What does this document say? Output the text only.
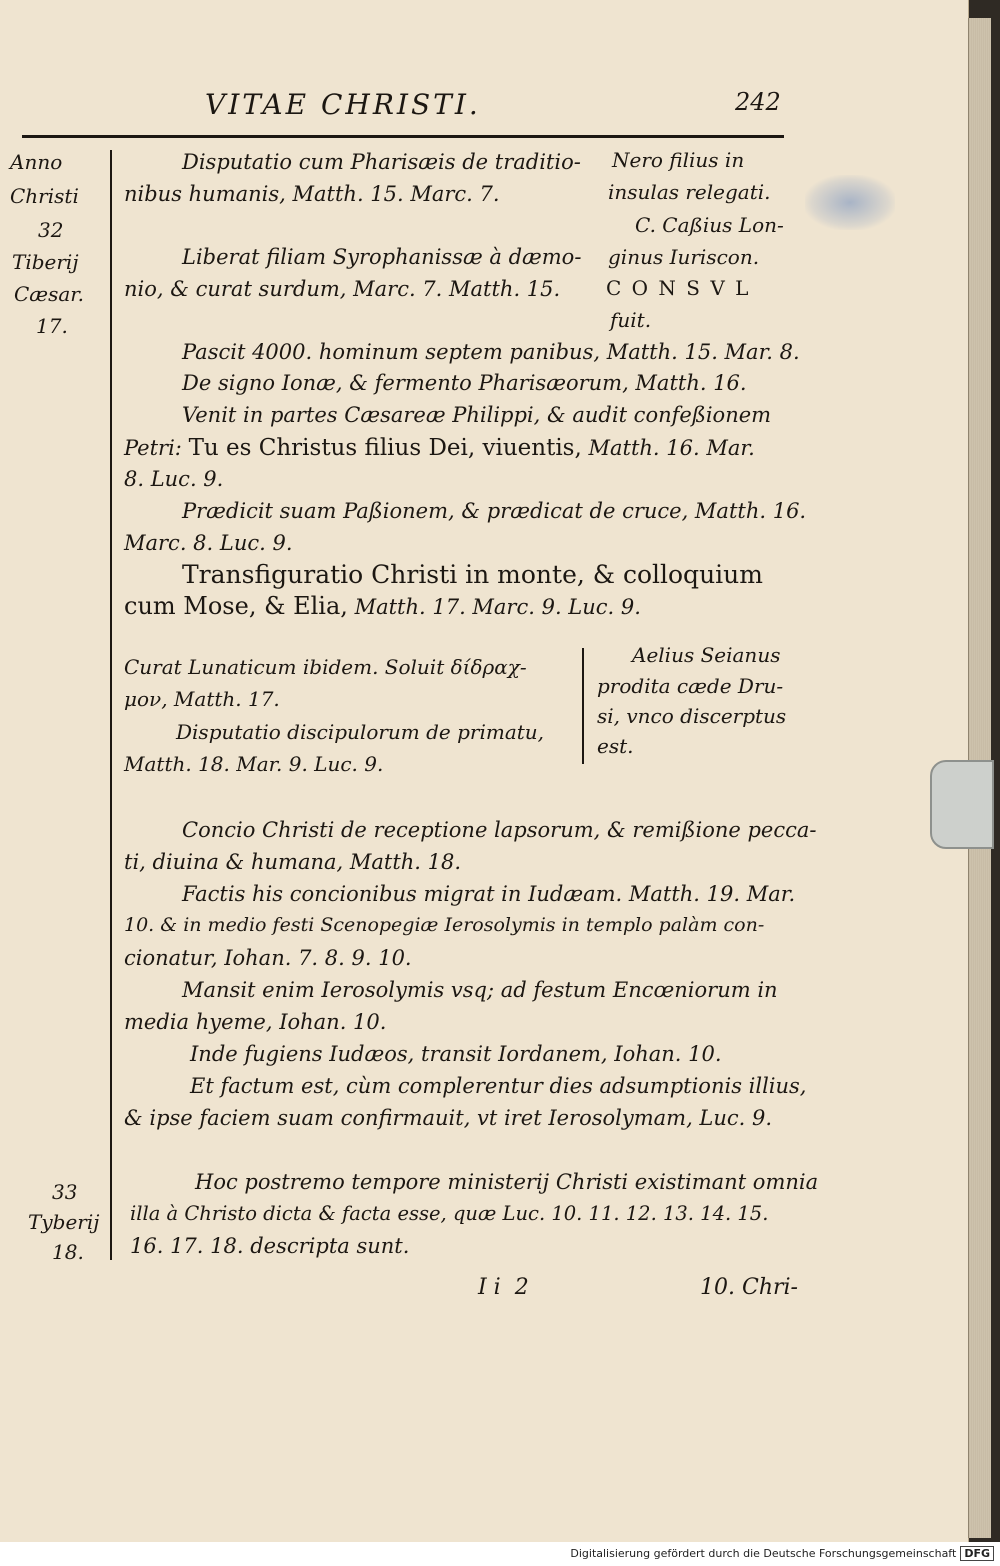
VITAE CHRISTI.	242
Anno
Christi
32
Tiberij
Cæsar.
17.
33
Tyberij
18.
Nero filius in
insulas relegati.
C. Caßius Lon-
ginus Iuriscon.
C O N S V L
fuit.
Aelius Seianus
prodita cæde Dru-
si, vnco discerptus
est.
Disputatio cum Pharisæis de traditio-
nibus humanis, Matth. 15. Marc. 7.
Liberat filiam Syrophanissæ à dæmo-
nio, & curat surdum, Marc. 7. Matth. 15.
Pascit 4000. hominum septem panibus, Matth. 15. Mar. 8.
De signo Ionæ, & fermento Pharisæorum, Matth. 16.
Venit in partes Cæsareæ Philippi, & audit confeßionem
Petri: Tu es Christus filius Dei, viuentis, Matth. 16. Mar.
8. Luc. 9.
Prædicit suam Paßionem, & prædicat de cruce, Matth. 16.
Marc. 8. Luc. 9.
Transfiguratio Christi in monte, & colloquium
cum Mose, & Elia, Matth. 17. Marc. 9. Luc. 9.
Curat Lunaticum ibidem. Soluit δίδραχ-
μον, Matth. 17.
Disputatio discipulorum de primatu,
Matth. 18. Mar. 9. Luc. 9.
Concio Christi de receptione lapsorum, & remißione pecca-
ti, diuina & humana, Matth. 18.
Factis his concionibus migrat in Iudæam. Matth. 19. Mar.
10. & in medio festi Scenopegiæ Ierosolymis in templo palàm con-
cionatur, Iohan. 7. 8. 9. 10.
Mansit enim Ierosolymis vsq; ad festum Encœniorum in
media hyeme, Iohan. 10.
Inde fugiens Iudæos, transit Iordanem, Iohan. 10.
Et factum est, cùm complerentur dies adsumptionis illius,
& ipse faciem suam confirmauit, vt iret Ierosolymam, Luc. 9.
Hoc postremo tempore ministerij Christi existimant omnia
illa à Christo dicta & facta esse, quæ Luc. 10. 11. 12. 13. 14. 15.
16. 17. 18. descripta sunt.
I i  2	10. Chri-
Digitalisierung gefördert durch die Deutsche Forschungsgemeinschaft DFG
